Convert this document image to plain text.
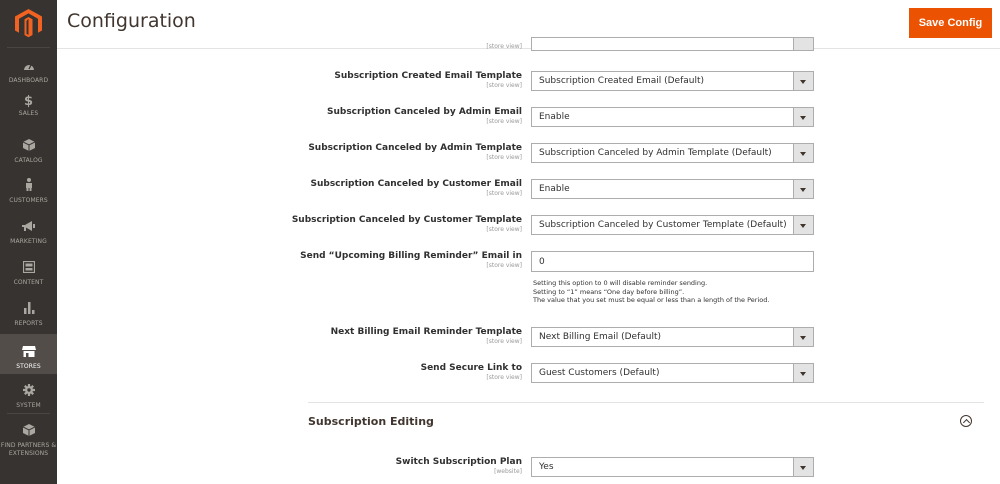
DASHBOARD
$
SALES
CATALOG
CUSTOMERS
MARKETING
CONTENT
REPORTS
STORES
SYSTEM
FIND PARTNERS & EXTENSIONS
Configuration	Save Config
[store view]
Subscription Created Email Template
[store view] Subscription Created Email (Default)
Subscription Canceled by Admin Email
[store view] Enable
Subscription Canceled by Admin Template
[store view] Subscription Canceled by Admin Template (Default)
Subscription Canceled by Customer Email
[store view] Enable
Subscription Canceled by Customer Template
[store view] Subscription Canceled by Customer Template (Default)
Send “Upcoming Billing Reminder” Email in
[store view] 0
Setting this option to 0 will disable reminder sending.
Setting to “1” means “One day before billing”.
The value that you set must be equal or less than a length of the Period.
Next Billing Email Reminder Template
[store view] Next Billing Email (Default)
Send Secure Link to
[store view] Guest Customers (Default)
Subscription Editing
Switch Subscription Plan
[website] Yes
